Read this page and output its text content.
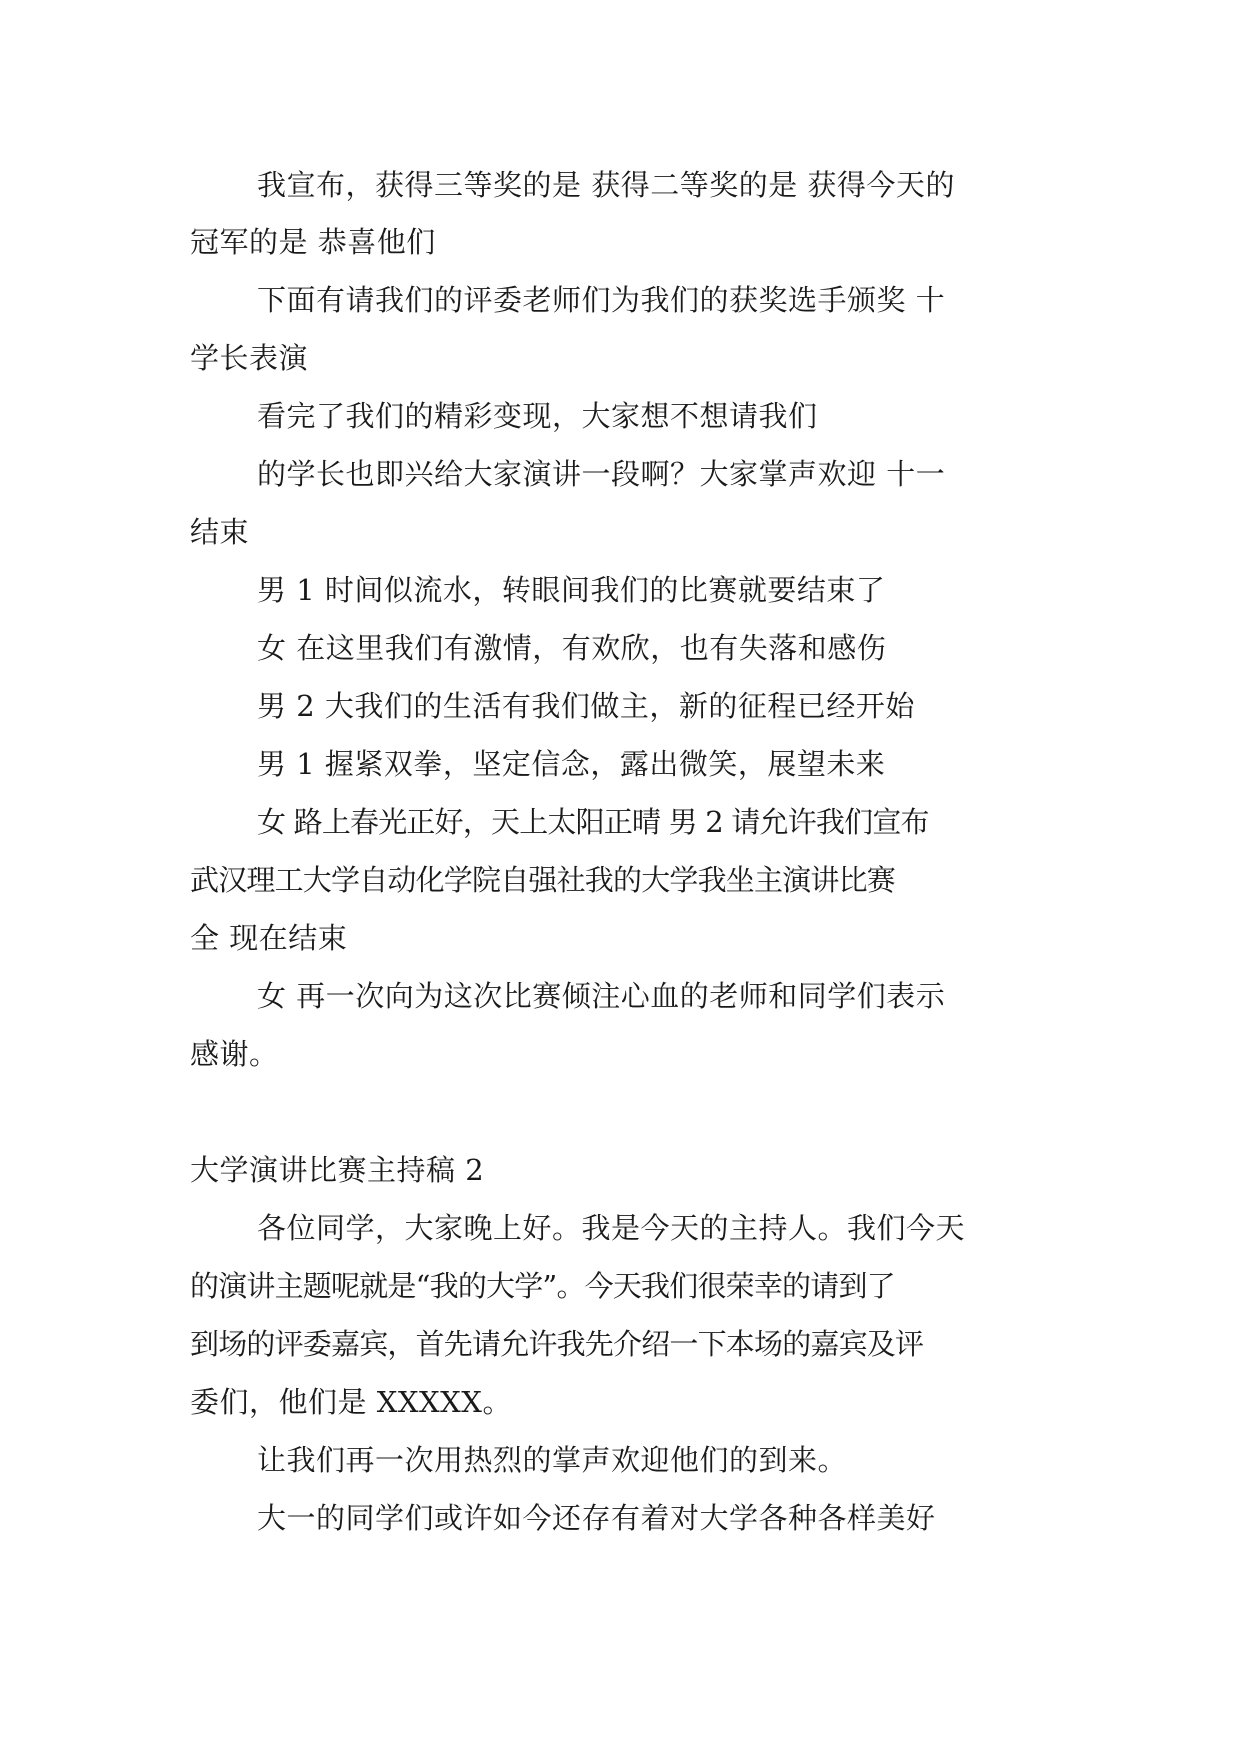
我宣布，获得三等奖的是 获得二等奖的是 获得今天的
冠军的是 恭喜他们
下面有请我们的评委老师们为我们的获奖选手颁奖 十
学长表演
看完了我们的精彩变现，大家想不想请我们
的学长也即兴给大家演讲一段啊？大家掌声欢迎 十一
结束
男 1 时间似流水，转眼间我们的比赛就要结束了
女 在这里我们有激情，有欢欣，也有失落和感伤
男 2 大我们的生活有我们做主，新的征程已经开始
男 1 握紧双拳，坚定信念，露出微笑，展望未来
女 路上春光正好，天上太阳正晴 男 2 请允许我们宣布
武汉理工大学自动化学院自强社我的大学我坐主演讲比赛
全 现在结束
女 再一次向为这次比赛倾注心血的老师和同学们表示
感谢。
大学演讲比赛主持稿 2
各位同学，大家晚上好。我是今天的主持人。我们今天
的演讲主题呢就是“我的大学”。今天我们很荣幸的请到了
到场的评委嘉宾，首先请允许我先介绍一下本场的嘉宾及评
委们，他们是 XXXXX。
让我们再一次用热烈的掌声欢迎他们的到来。
大一的同学们或许如今还存有着对大学各种各样美好
